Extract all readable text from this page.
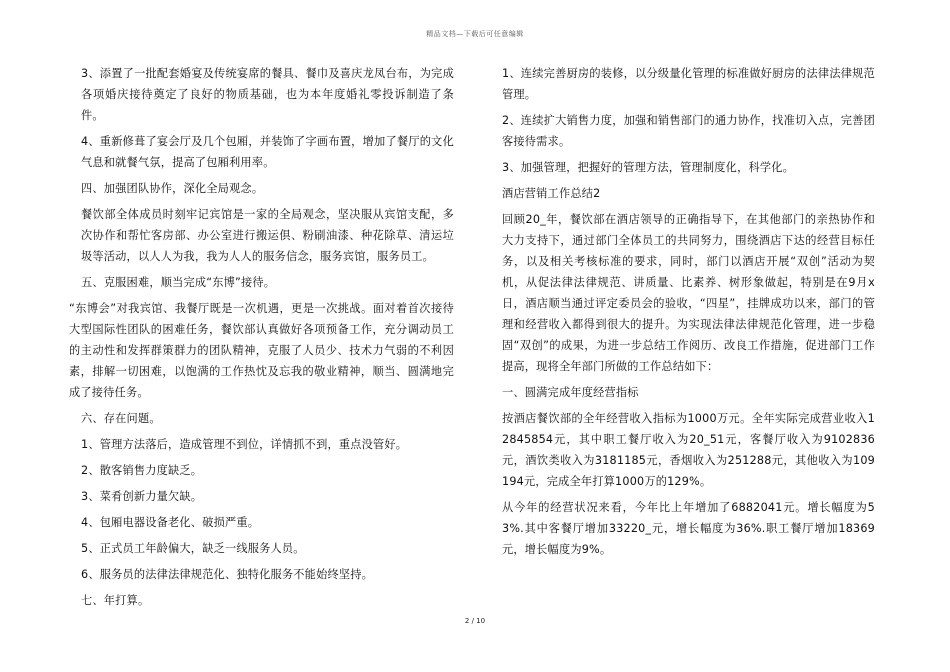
精品文档—下载后可任意编辑

3、添置了一批配套婚宴及传统宴席的餐具、餐巾及喜庆龙凤台布，为完成各项婚庆接待奠定了良好的物质基础，也为本年度婚礼零投诉制造了条件。

4、重新修葺了宴会厅及几个包厢，并装饰了字画布置，增加了餐厅的文化气息和就餐气氛，提高了包厢利用率。

四、加强团队协作，深化全局观念。

餐饮部全体成员时刻牢记宾馆是一家的全局观念，坚决服从宾馆支配，多次协作和帮忙客房部、办公室进行搬运倶、粉刷油漆、种花除草、清运垃圾等活动，以人人为我，我为人人的服务信念，服务宾馆，服务员工。

五、克服困难，顺当完成“东博”接待。

“东博会”对我宾馆、我餐厅既是一次机遇，更是一次挑战。面对着首次接待大型国际性团队的困难任务，餐饮部认真做好各项预备工作，充分调动员工的主动性和发挥群策群力的团队精神，克服了人员少、技术力气弱的不利因素，排解一切困难，以饱满的工作热忱及忘我的敬业精神，顺当、圆满地完成了接待任务。

六、存在问题。

1、管理方法落后，造成管理不到位，详情抓不到，重点没管好。

2、散客销售力度缺乏。

3、菜肴创新力量欠缺。

4、包厢电器设备老化、破损严重。

5、正式员工年龄偏大，缺乏一线服务人员。

6、服务员的法律法律规范化、独特化服务不能始终坚持。

七、年打算。

1、连续完善厨房的装修，以分级量化管理的标准做好厨房的法律法律规范管理。

2、连续扩大销售力度，加强和销售部门的通力协作，找准切入点，完善团客接待需求。

3、加强管理，把握好的管理方法，管理制度化，科学化。

酒店营销工作总结2

回顾20_年，餐饮部在酒店领导的正确指导下，在其他部门的亲热协作和大力支持下，通过部门全体员工的共同努力，围绕酒店下达的经营目标任务，以及相关考核标准的要求，同时，部门以酒店开展“双创”活动为契机，从促法律法律规范、讲质量、比素养、树形象做起，特别是在9月x日，酒店顺当通过评定委员会的验收，“四星”，挂牌成功以来，部门的管理和经营收入都得到很大的提升。为实现法律法律规范化管理，进一步稳固“双创”的成果，为进一步总结工作阅历、改良工作措施，促进部门工作提高，现将全年部门所做的工作总结如下：

一、圆满完成年度经营指标

按酒店餐饮部的全年经营收入指标为1000万元。全年实际完成营业收入12845854元，其中职工餐厅收入为20_51元，客餐厅收入为9102836元，酒饮类收入为3181185元，香烟收入为251288元，其他收入为109194元，完成全年打算1000万的129%。

从今年的经营状况来看，今年比上年增加了6882041元。增长幅度为53%.其中客餐厅增加33220_元，增长幅度为36%.职工餐厅增加18369元，增长幅度为9%。

2 / 10
